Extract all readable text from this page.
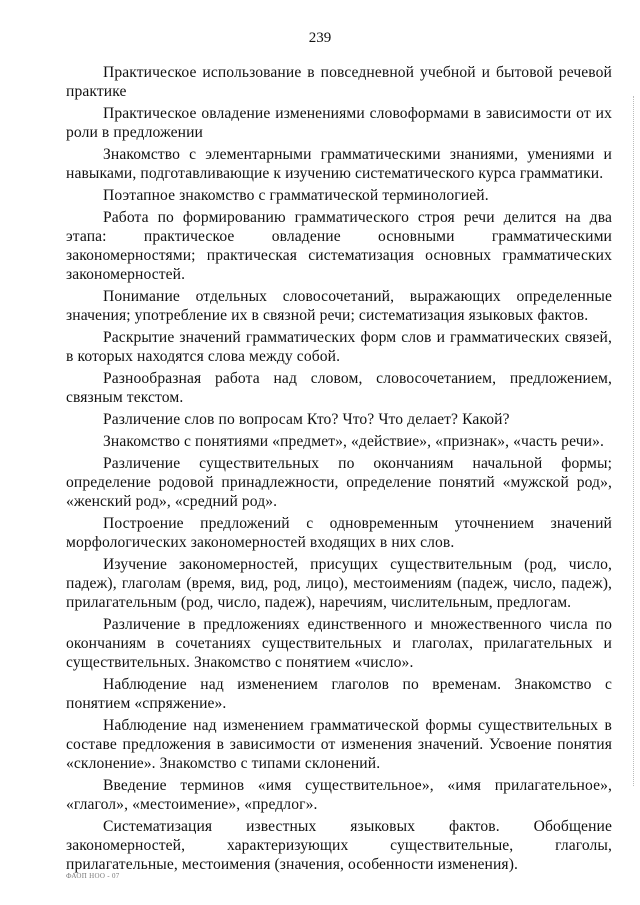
239

Практическое использование в повседневной учебной и бытовой речевой практике

Практическое овладение изменениями словоформами в зависимости от их роли в предложении

Знакомство с элементарными грамматическими знаниями, умениями и навыками, подготавливающие к изучению систематического курса грамматики.

Поэтапное знакомство с грамматической терминологией.

Работа по формированию грамматического строя речи делится на два этапа: практическое овладение основными грамматическими закономерностями; практическая систематизация основных грамматических закономерностей.

Понимание отдельных словосочетаний, выражающих определенные значения; употребление их в связной речи; систематизация языковых фактов.

Раскрытие значений грамматических форм слов и грамматических связей, в которых находятся слова между собой.

Разнообразная работа над словом, словосочетанием, предложением, связным текстом.

Различение слов по вопросам Кто? Что? Что делает? Какой?

Знакомство с понятиями «предмет», «действие», «признак», «часть речи».

Различение существительных по окончаниям начальной формы; определение родовой принадлежности, определение понятий «мужской род», «женский род», «средний род».

Построение предложений с одновременным уточнением значений морфологических закономерностей входящих в них слов.

Изучение закономерностей, присущих существительным (род, число, падеж), глаголам (время, вид, род, лицо), местоимениям (падеж, число, падеж), прилагательным (род, число, падеж), наречиям, числительным, предлогам.

Различение в предложениях единственного и множественного числа по окончаниям в сочетаниях существительных и глаголах, прилагательных и существительных. Знакомство с понятием «число».

Наблюдение над изменением глаголов по временам. Знакомство с понятием «спряжение».

Наблюдение над изменением грамматической формы существительных в составе предложения в зависимости от изменения значений. Усвоение понятия «склонение». Знакомство с типами склонений.

Введение терминов «имя существительное», «имя прилагательное», «глагол», «местоимение», «предлог».

Систематизация известных языковых фактов. Обобщение закономерностей, характеризующих существительные, глаголы, прилагательные, местоимения (значения, особенности изменения).

ФАОП НОО - 07
